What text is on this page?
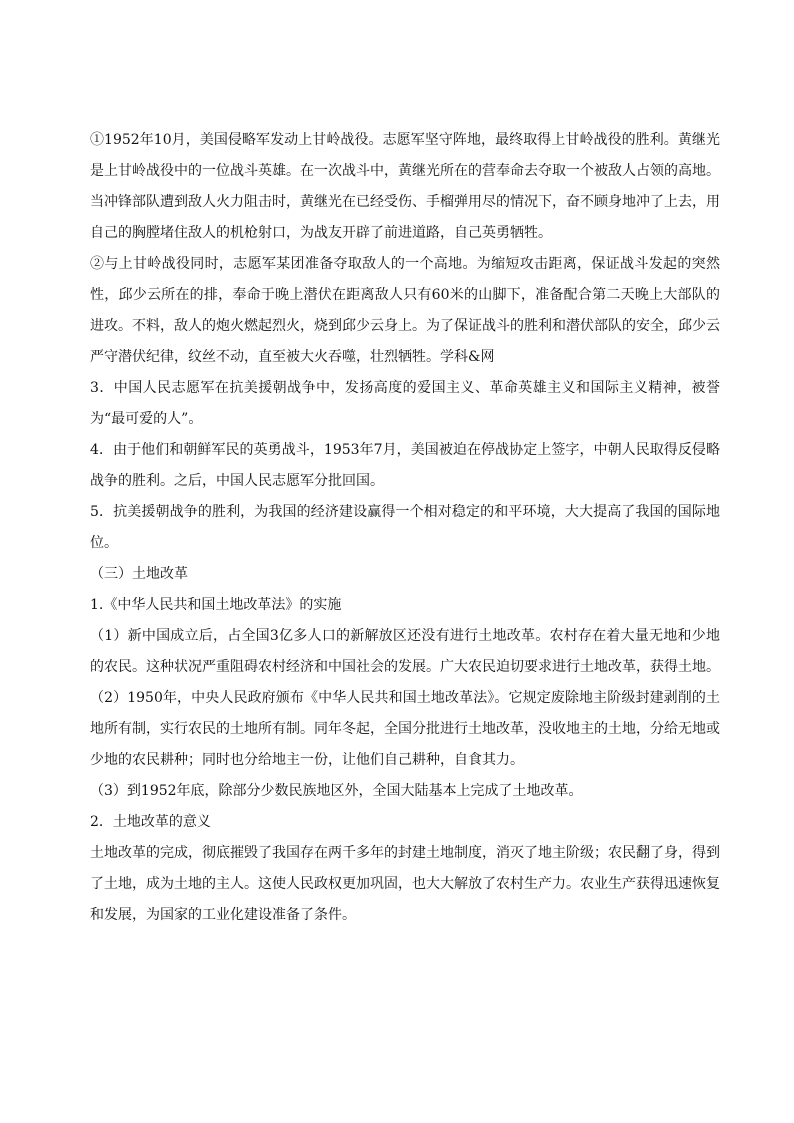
①1952年10月，美国侵略军发动上甘岭战役。志愿军坚守阵地，最终取得上甘岭战役的胜利。黄继光是上甘岭战役中的一位战斗英雄。在一次战斗中，黄继光所在的营奉命去夺取一个被敌人占领的高地。当冲锋部队遭到敌人火力阻击时，黄继光在已经受伤、手榴弹用尽的情况下，奋不顾身地冲了上去，用自己的胸膛堵住敌人的机枪射口，为战友开辟了前进道路，自己英勇牺牲。

②与上甘岭战役同时，志愿军某团准备夺取敌人的一个高地。为缩短攻击距离，保证战斗发起的突然性，邱少云所在的排，奉命于晚上潜伏在距离敌人只有60米的山脚下，准备配合第二天晚上大部队的进攻。不料，敌人的炮火燃起烈火，烧到邱少云身上。为了保证战斗的胜利和潜伏部队的安全，邱少云严守潜伏纪律，纹丝不动，直至被大火吞噬，壮烈牺牲。学科&网

3．中国人民志愿军在抗美援朝战争中，发扬高度的爱国主义、革命英雄主义和国际主义精神，被誉为“最可爱的人”。

4．由于他们和朝鲜军民的英勇战斗，1953年7月，美国被迫在停战协定上签字，中朝人民取得反侵略战争的胜利。之后，中国人民志愿军分批回国。

5．抗美援朝战争的胜利，为我国的经济建设赢得一个相对稳定的和平环境，大大提高了我国的国际地位。

（三）土地改革

1.《中华人民共和国土地改革法》的实施

（1）新中国成立后，占全国3亿多人口的新解放区还没有进行土地改革。农村存在着大量无地和少地的农民。这种状况严重阻碍农村经济和中国社会的发展。广大农民迫切要求进行土地改革，获得土地。

（2）1950年，中央人民政府颁布《中华人民共和国土地改革法》。它规定废除地主阶级封建剥削的土地所有制，实行农民的土地所有制。同年冬起，全国分批进行土地改革，没收地主的土地，分给无地或少地的农民耕种；同时也分给地主一份，让他们自己耕种，自食其力。

（3）到1952年底，除部分少数民族地区外，全国大陆基本上完成了土地改革。

2．土地改革的意义

土地改革的完成，彻底摧毁了我国存在两千多年的封建土地制度，消灭了地主阶级；农民翻了身，得到了土地，成为土地的主人。这使人民政权更加巩固，也大大解放了农村生产力。农业生产获得迅速恢复和发展，为国家的工业化建设准备了条件。
